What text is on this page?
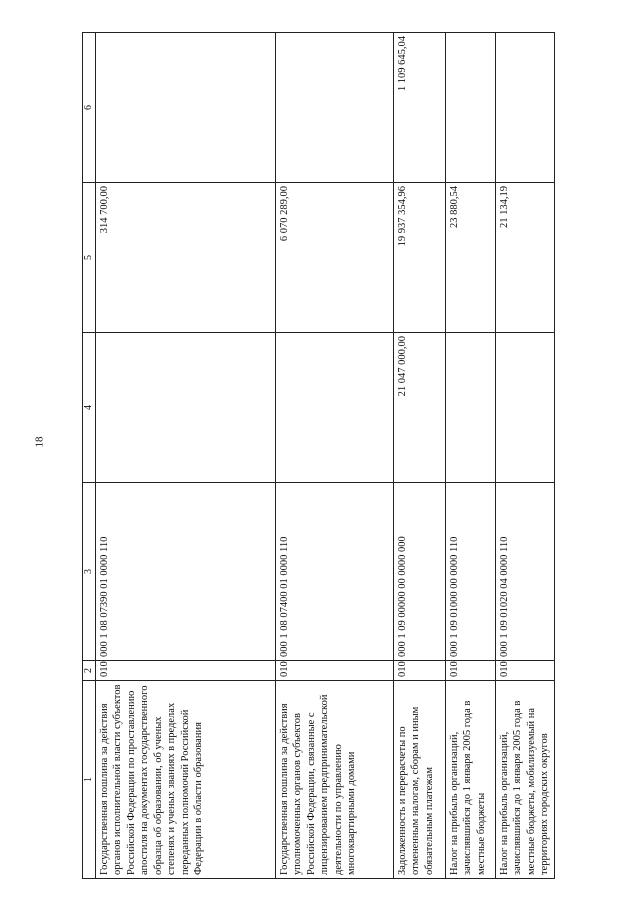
18
1	2	3	4	5	6
Государственная пошлина за действия органов исполнительной власти субъектов Российской Федерации по проставлению апостиля на документах государственного образца об образовании, об ученых степенях и ученых званиях в пределах переданных полномочий Российской Федерации в области образования	010	000 1 08 07390 01 0000 110		314 700,00	
Государственная пошлина за действия уполномоченных органов субъектов Российской Федерации, связанные с лицензированием предпринимательской деятельности по управлению многоквартирными домами	010	000 1 08 07400 01 0000 110		6 070 289,00	
Задолженность и перерасчеты по отмененным налогам, сборам и иным обязательным платежам	010	000 1 09 00000 00 0000 000	21 047 000,00	19 937 354,96	1 109 645,04
Налог на прибыль организаций, зачислявшийся до 1 января 2005 года в местные бюджеты	010	000 1 09 01000 00 0000 110		23 880,54	
Налог на прибыль организаций, зачислявшийся до 1 января 2005 года в местные бюджеты, мобилизуемый на территориях городских округов	010	000 1 09 01020 04 0000 110		21 134,19	
